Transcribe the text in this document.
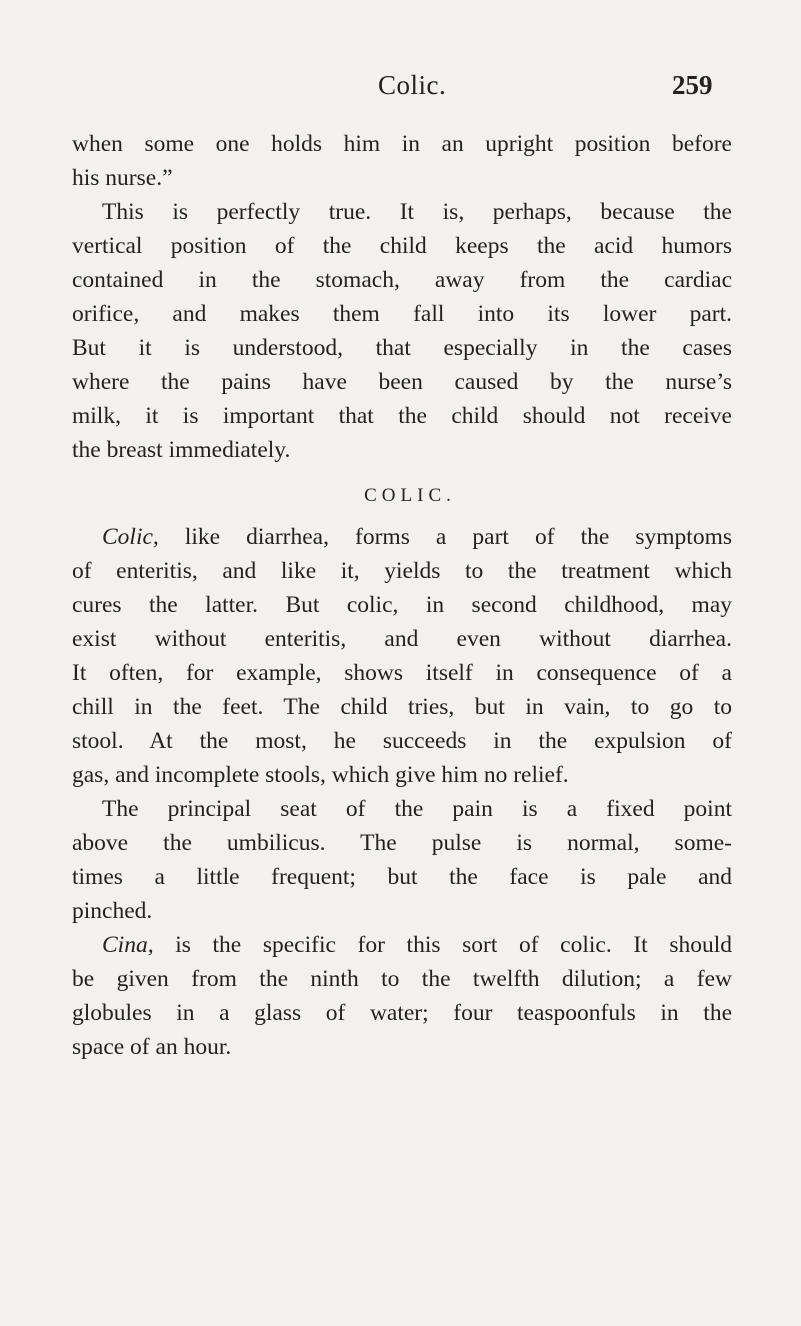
Colic.	259
when some one holds him in an upright position before
his nurse.”
This is perfectly true. It is, perhaps, because the
vertical position of the child keeps the acid humors
contained in the stomach, away from the cardiac
orifice, and makes them fall into its lower part.
But it is understood, that especially in the cases
where the pains have been caused by the nurse’s
milk, it is important that the child should not receive
the breast immediately.
COLIC.
Colic, like diarrhea, forms a part of the symptoms
of enteritis, and like it, yields to the treatment which
cures the latter. But colic, in second childhood, may
exist without enteritis, and even without diarrhea.
It often, for example, shows itself in consequence of a
chill in the feet. The child tries, but in vain, to go to
stool. At the most, he succeeds in the expulsion of
gas, and incomplete stools, which give him no relief.
The principal seat of the pain is a fixed point
above the umbilicus. The pulse is normal, some-
times a little frequent; but the face is pale and
pinched.
Cina, is the specific for this sort of colic. It should
be given from the ninth to the twelfth dilution; a few
globules in a glass of water; four teaspoonfuls in the
space of an hour.
